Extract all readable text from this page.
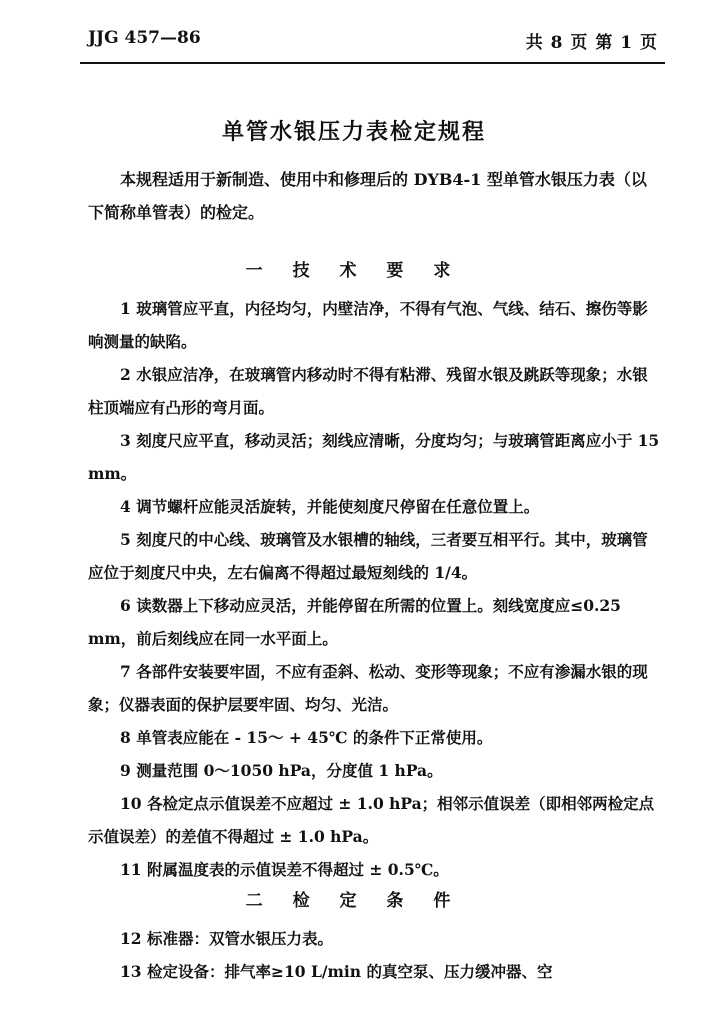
JJG 457—86	共 8 页 第 1 页
单管水银压力表检定规程
本规程适用于新制造、使用中和修理后的 DYB4-1 型单管水银压力表（以下简称单管表）的检定。
一 技 术 要 求

1 玻璃管应平直，内径均匀，内壁洁净，不得有气泡、气线、结石、擦伤等影响测量的缺陷。

2 水银应洁净，在玻璃管内移动时不得有粘滞、残留水银及跳跃等现象；水银柱顶端应有凸形的弯月面。

3 刻度尺应平直，移动灵活；刻线应清晰，分度均匀；与玻璃管距离应小于 15 mm。

4 调节螺杆应能灵活旋转，并能使刻度尺停留在任意位置上。

5 刻度尺的中心线、玻璃管及水银槽的轴线，三者要互相平行。其中，玻璃管应位于刻度尺中央，左右偏离不得超过最短刻线的 1/4。

6 读数器上下移动应灵活，并能停留在所需的位置上。刻线宽度应≤0.25 mm，前后刻线应在同一水平面上。

7 各部件安装要牢固，不应有歪斜、松动、变形等现象；不应有渗漏水银的现象；仪器表面的保护层要牢固、均匀、光洁。

8 单管表应能在 - 15～ + 45℃ 的条件下正常使用。

9 测量范围 0～1050 hPa，分度值 1 hPa。

10 各检定点示值误差不应超过 ± 1.0 hPa；相邻示值误差（即相邻两检定点示值误差）的差值不得超过 ± 1.0 hPa。

11 附属温度表的示值误差不得超过 ± 0.5℃。

二 检 定 条 件

12 标准器：双管水银压力表。

13 检定设备：排气率≥10 L/min 的真空泵、压力缓冲器、空
